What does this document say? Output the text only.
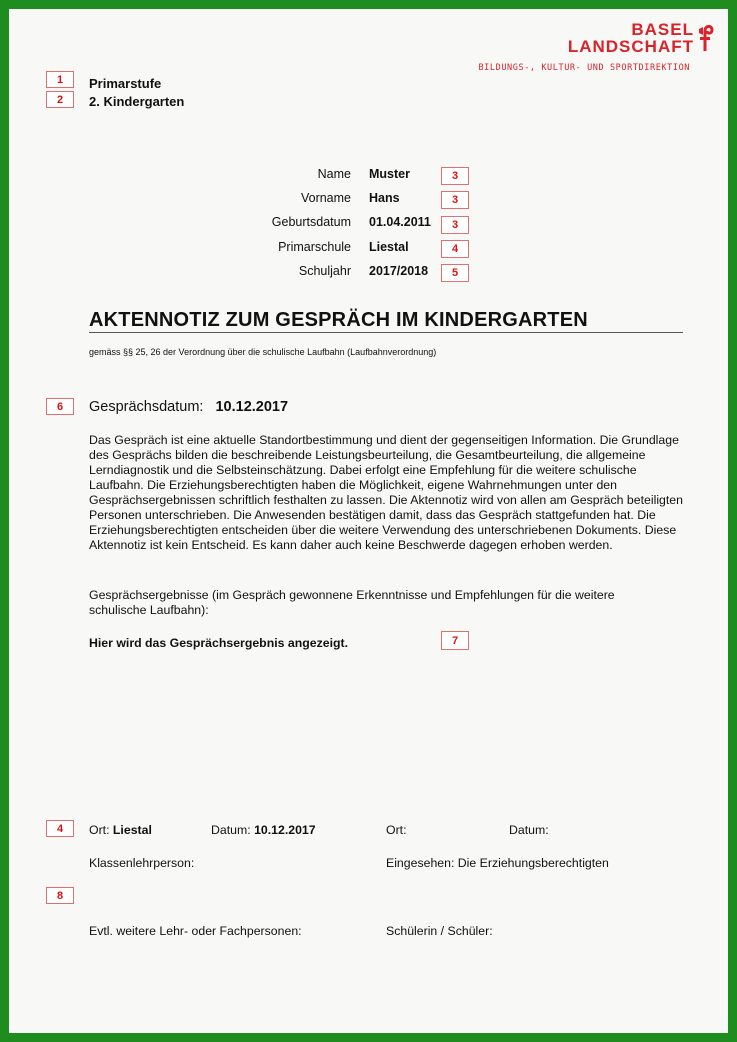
BASEL
LANDSCHAFT
BILDUNGS-, KULTUR- UND SPORTDIREKTION
1
2
Primarstufe
2. Kindergarten
Name Muster	3
Vorname Hans	3
Geburtsdatum 01.04.2011	3
Primarschule Liestal	4
Schuljahr 2017/2018	5
AKTENNOTIZ ZUM GESPRÄCH IM KINDERGARTEN
gemäss §§ 25, 26 der Verordnung über die schulische Laufbahn (Laufbahnverordnung)
6	Gesprächsdatum: 10.12.2017
Das Gespräch ist eine aktuelle Standortbestimmung und dient der gegenseitigen Information. Die Grundlage des Gesprächs bilden die beschreibende Leistungsbeurteilung, die Gesamtbeurteilung, die allgemeine Lerndiagnostik und die Selbsteinschätzung. Dabei erfolgt eine Empfehlung für die weitere schulische Laufbahn. Die Erziehungsberechtigten haben die Möglichkeit, eigene Wahrnehmungen unter den Gesprächsergebnissen schriftlich festhalten zu lassen. Die Aktennotiz wird von allen am Gespräch beteiligten Personen unterschrieben. Die Anwesenden bestätigen damit, dass das Gespräch stattgefunden hat. Die Erziehungsberechtigten entscheiden über die weitere Verwendung des unterschriebenen Dokuments. Diese Aktennotiz ist kein Entscheid. Es kann daher auch keine Beschwerde dagegen erhoben werden.
Gesprächsergebnisse (im Gespräch gewonnene Erkenntnisse und Empfehlungen für die weitere schulische Laufbahn):
Hier wird das Gesprächsergebnis angezeigt.	7
4	Ort: Liestal	Datum: 10.12.2017	Ort:	Datum:
Klassenlehrperson:	Eingesehen: Die Erziehungsberechtigten
8
Evtl. weitere Lehr- oder Fachpersonen:	Schülerin / Schüler:
